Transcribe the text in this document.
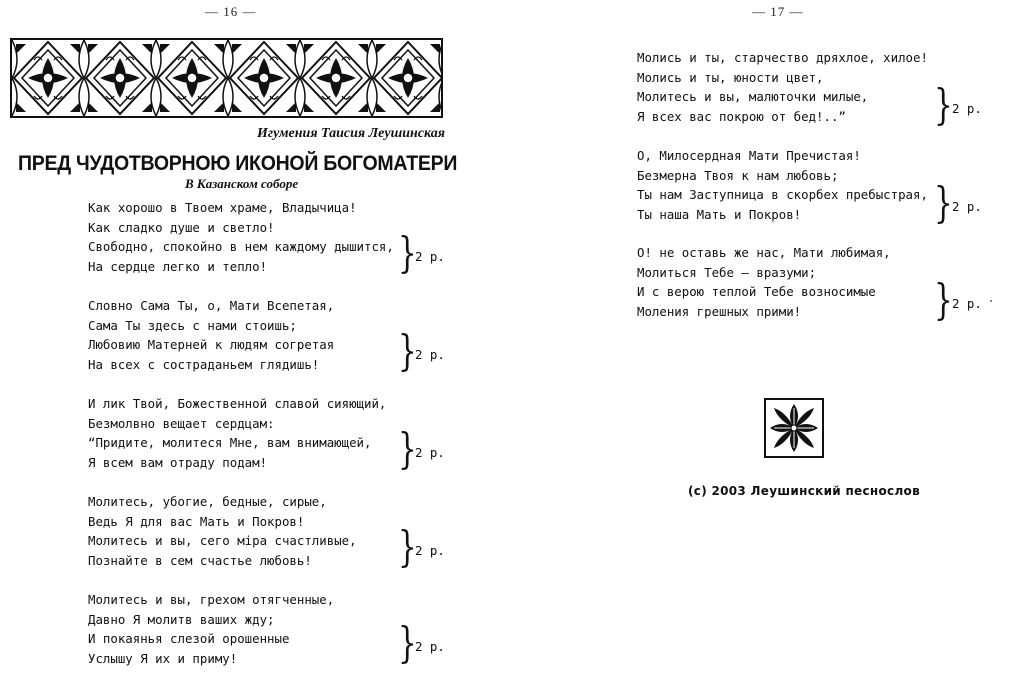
— 16 —
Игумения Таисия Леушинская
ПРЕД ЧУДОТВОРНОЮ ИКОНОЙ БОГОМАТЕРИ
В Казанском соборе
Как хорошо в Твоем храме, Владычица!
Как сладко душе и светло!
Свободно, спокойно в нем каждому дышится,
На сердце легко и тепло!	}
2 р.
Словно Сама Ты, о, Мати Всепетая,
Сама Ты здесь с нами стоишь;
Любовию Матерней к людям согретая
На всех с состраданьем глядишь!	}
2 р.
И лик Твой, Божественной славой сияющий,
Безмолвно вещает сердцам:
“Придите, молитеся Мне, вам внимающей,
Я всем вам отраду подам!	}
2 р.
Молитесь, убогие, бедные, сирые,
Ведь Я для вас Мать и Покров!
Молитесь и вы, сего міра счастливые,
Познайте в сем счастье любовь!	}
2 р.
Молитесь и вы, грехом отягченные,
Давно Я молитв ваших жду;
И покаянья слезой орошенные
Услышу Я их и приму!	}
2 р.
— 17 —
Молись и ты, старчество дряхлое, хилое!
Молись и ты, юности цвет,
Молитесь и вы, малюточки милые,
Я всех вас покрою от бед!..”	} 2 р.
О, Милосердная Мати Пречистая!
Безмерна Твоя к нам любовь;
Ты нам Заступница в скорбех пребыстрая,
Ты наша Мать и Покров!	} 2 р.
О! не оставь же нас, Мати любимая,
Молиться Тебе — вразуми;
И с верою теплой Тебе возносимые
Моления грешных прими!	} 2 р.
(с) 2003 Леушинский песнослов
